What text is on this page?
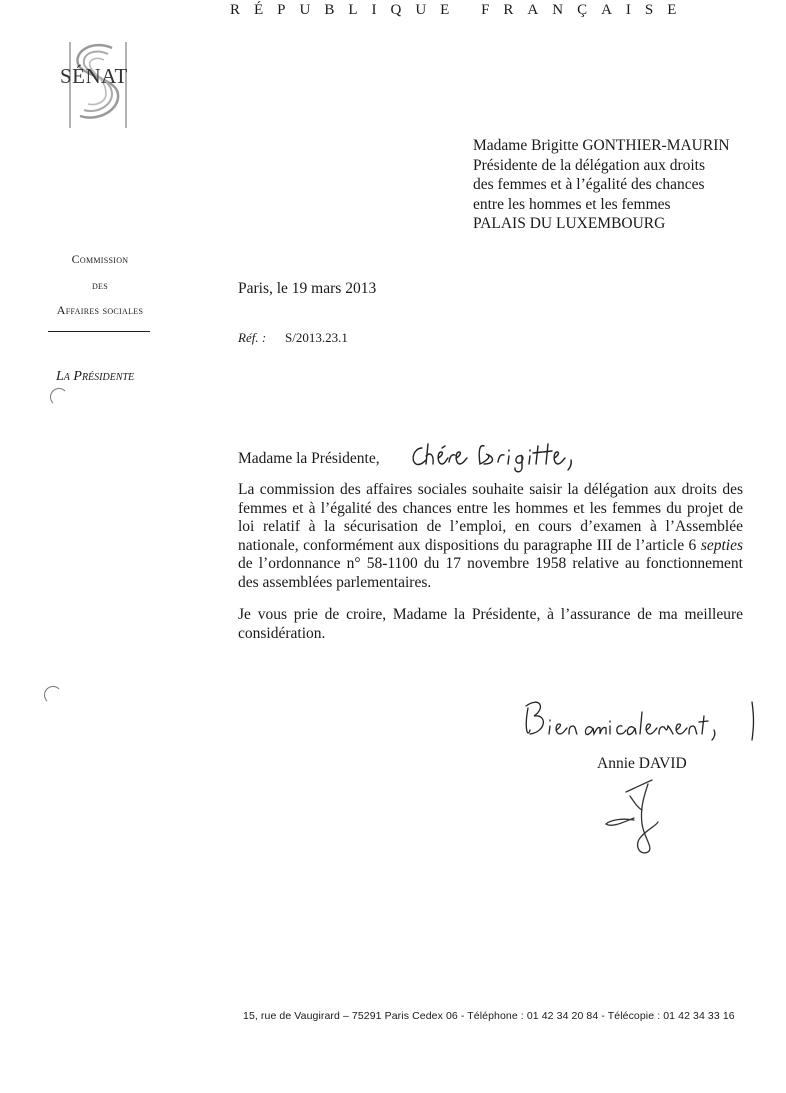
RÉPUBLIQUE FRANÇAISE
SÉNAT
Madame Brigitte GONTHIER-MAURIN
Présidente de la délégation aux droits
des femmes et à l’égalité des chances
entre les hommes et les femmes
PALAIS DU LUXEMBOURG
Commission
des
Affaires sociales
La Présidente
Paris, le 19 mars 2013
Réf. : S/2013.23.1
Madame la Présidente,

La commission des affaires sociales souhaite saisir la délégation aux droits des femmes et à l’égalité des chances entre les hommes et les femmes du projet de loi relatif à la sécurisation de l’emploi, en cours d’examen à l’Assemblée nationale, conformément aux dispositions du paragraphe III de l’article 6 septies de l’ordonnance n° 58-1100 du 17 novembre 1958 relative au fonctionnement des assemblées parlementaires.

Je vous prie de croire, Madame la Présidente, à l’assurance de ma meilleure considération.

Annie DAVID
15, rue de Vaugirard – 75291 Paris Cedex 06 - Téléphone : 01 42 34 20 84 - Télécopie : 01 42 34 33 16
